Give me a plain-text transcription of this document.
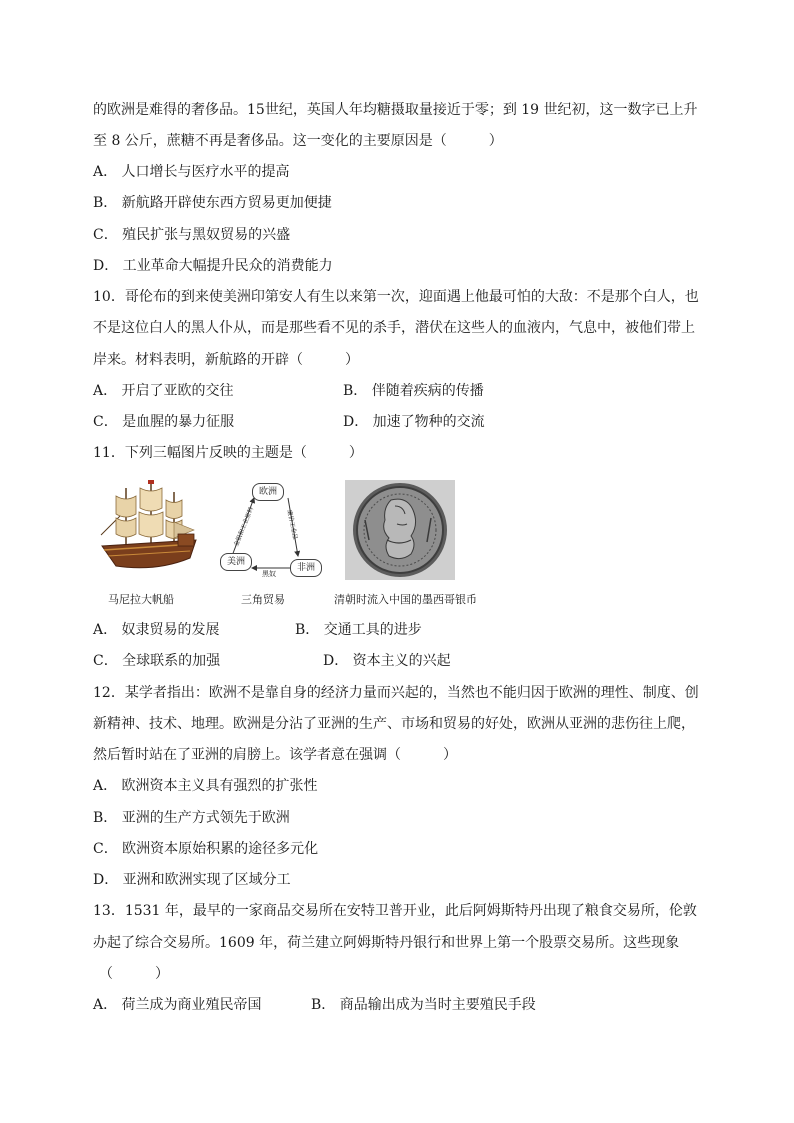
的欧洲是难得的奢侈品。15世纪，英国人年均糖摄取量接近于零；到 19 世纪初，这一数字已上升
至 8 公斤，蔗糖不再是奢侈品。这一变化的主要原因是（　　　）
A． 人口增长与医疗水平的提高
B． 新航路开辟使东西方贸易更加便捷
C． 殖民扩张与黑奴贸易的兴盛
D． 工业革命大幅提升民众的消费能力
10．哥伦布的到来使美洲印第安人有生以来第一次，迎面遇上他最可怕的大敌：不是那个白人，也
不是这位白人的黑人仆从，而是那些看不见的杀手，潜伏在这些人的血液内，气息中，被他们带上
岸来。材料表明，新航路的开辟（　　　）
A． 开启了亚欧的交往	B． 伴随着疾病的传播
C． 是血腥的暴力征服	D． 加速了物种的交流
11．下列三幅图片反映的主题是（　　　）
马尼拉大帆船
欧洲
美洲
非洲
金银和工业原料	廉价工业品
黑奴
三角贸易	清朝时流入中国的墨西哥银币
A． 奴隶贸易的发展	B． 交通工具的进步
C． 全球联系的加强	D． 资本主义的兴起
12．某学者指出：欧洲不是靠自身的经济力量而兴起的，当然也不能归因于欧洲的理性、制度、创
新精神、技术、地理。欧洲是分沾了亚洲的生产、市场和贸易的好处，欧洲从亚洲的悲伤往上爬，
然后暂时站在了亚洲的肩膀上。该学者意在强调（　　　）
A． 欧洲资本主义具有强烈的扩张性
B． 亚洲的生产方式领先于欧洲
C． 欧洲资本原始积累的途径多元化
D． 亚洲和欧洲实现了区域分工
13．1531 年，最早的一家商品交易所在安特卫普开业，此后阿姆斯特丹出现了粮食交易所，伦敦
办起了综合交易所。1609 年，荷兰建立阿姆斯特丹银行和世界上第一个股票交易所。这些现象
（　　　）
A． 荷兰成为商业殖民帝国	B． 商品输出成为当时主要殖民手段
